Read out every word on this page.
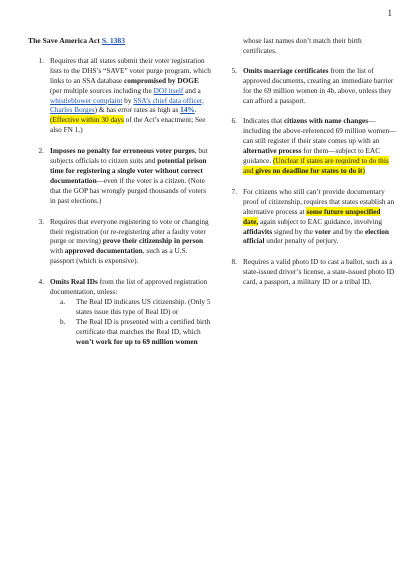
1
The Save America Act S. 1383
1. Requires that all states submit their voter registration lists to the DHS’s “SAVE” voter purge program, which links to an SSA database compromised by DOGE (per multiple sources including the DOJ itself and a whistleblower complaint by SSA’s chief data officer, Charles Borges) & has error rates as high as 14%. (Effective within 30 days of the Act’s enactment; See also FN 1.)
2. Imposes no penalty for erroneous voter purges, but subjects officials to citizen suits and potential prison time for registering a single voter without correct documentation—even if the voter is a citizen. (Note that the GOP has wrongly purged thousands of voters in past elections.)
3. Requires that everyone registering to vote or changing their registration (or re-registering after a faulty voter purge or moving) prove their citizenship in person with approved documentation, such as a U.S. passport (which is expensive).
4. Omits Real IDs from the list of approved registration documentation, unless:
a. The Real ID indicates US citizenship. (Only 5 states issue this type of Real ID) or
b. The Real ID is presented with a certified birth certificate that matches the Real ID, which won’t work for up to 69 million women
whose last names don’t match their birth certificates.
5. Omits marriage certificates from the list of approved documents, creating an immediate barrier for the 69 million women in 4b, above, unless they can afford a passport.
6. Indicates that citizens with name changes—including the above-referenced 69 million women—can still register if their state comes up with an alternative process for them—subject to EAC guidance. (Unclear if states are required to do this and gives no deadline for states to do it)
7. For citizens who still can’t provide documentary proof of citizenship, requires that states establish an alternative process at some future unspecified date, again subject to EAC guidance, involving affidavits signed by the voter and by the election official under penalty of perjury.
8. Requires a valid photo ID to cast a ballot, such as a state-issued driver’s license, a state-issued photo ID card, a passport, a military ID or a tribal ID.
